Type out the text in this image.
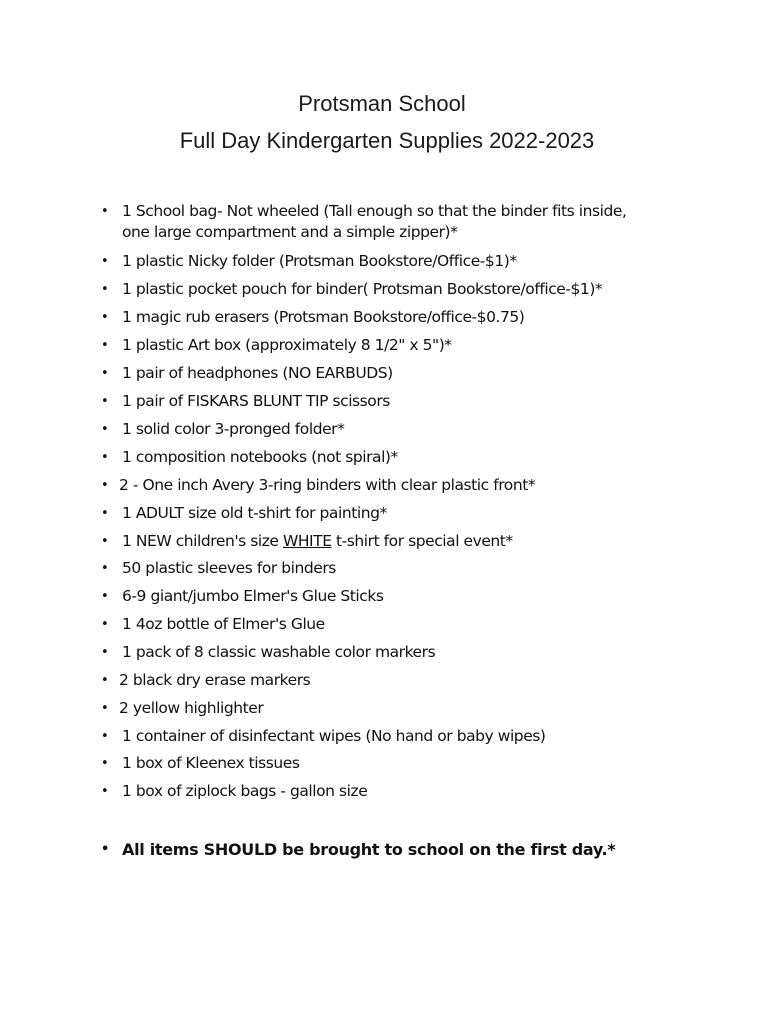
Protsman School
Full Day Kindergarten Supplies 2022-2023
• 1 School bag- Not wheeled (Tall enough so that the binder fits inside,
one large compartment and a simple zipper)*
• 1 plastic Nicky folder (Protsman Bookstore/Office-$1)*
• 1 plastic pocket pouch for binder( Protsman Bookstore/office-$1)*
• 1 magic rub erasers (Protsman Bookstore/office-$0.75)
• 1 plastic Art box (approximately 8 1/2" x 5")*
• 1 pair of headphones (NO EARBUDS)
• 1 pair of FISKARS BLUNT TIP scissors
• 1 solid color 3-pronged folder*
• 1 composition notebooks (not spiral)*
• 2 - One inch Avery 3-ring binders with clear plastic front*
• 1 ADULT size old t-shirt for painting*
• 1 NEW children's size WHITE t-shirt for special event*
• 50 plastic sleeves for binders
• 6-9 giant/jumbo Elmer's Glue Sticks
• 1 4oz bottle of Elmer's Glue
• 1 pack of 8 classic washable color markers
• 2 black dry erase markers
• 2 yellow highlighter
• 1 container of disinfectant wipes (No hand or baby wipes)
• 1 box of Kleenex tissues
• 1 box of ziplock bags - gallon size
• All items SHOULD be brought to school on the first day.*
